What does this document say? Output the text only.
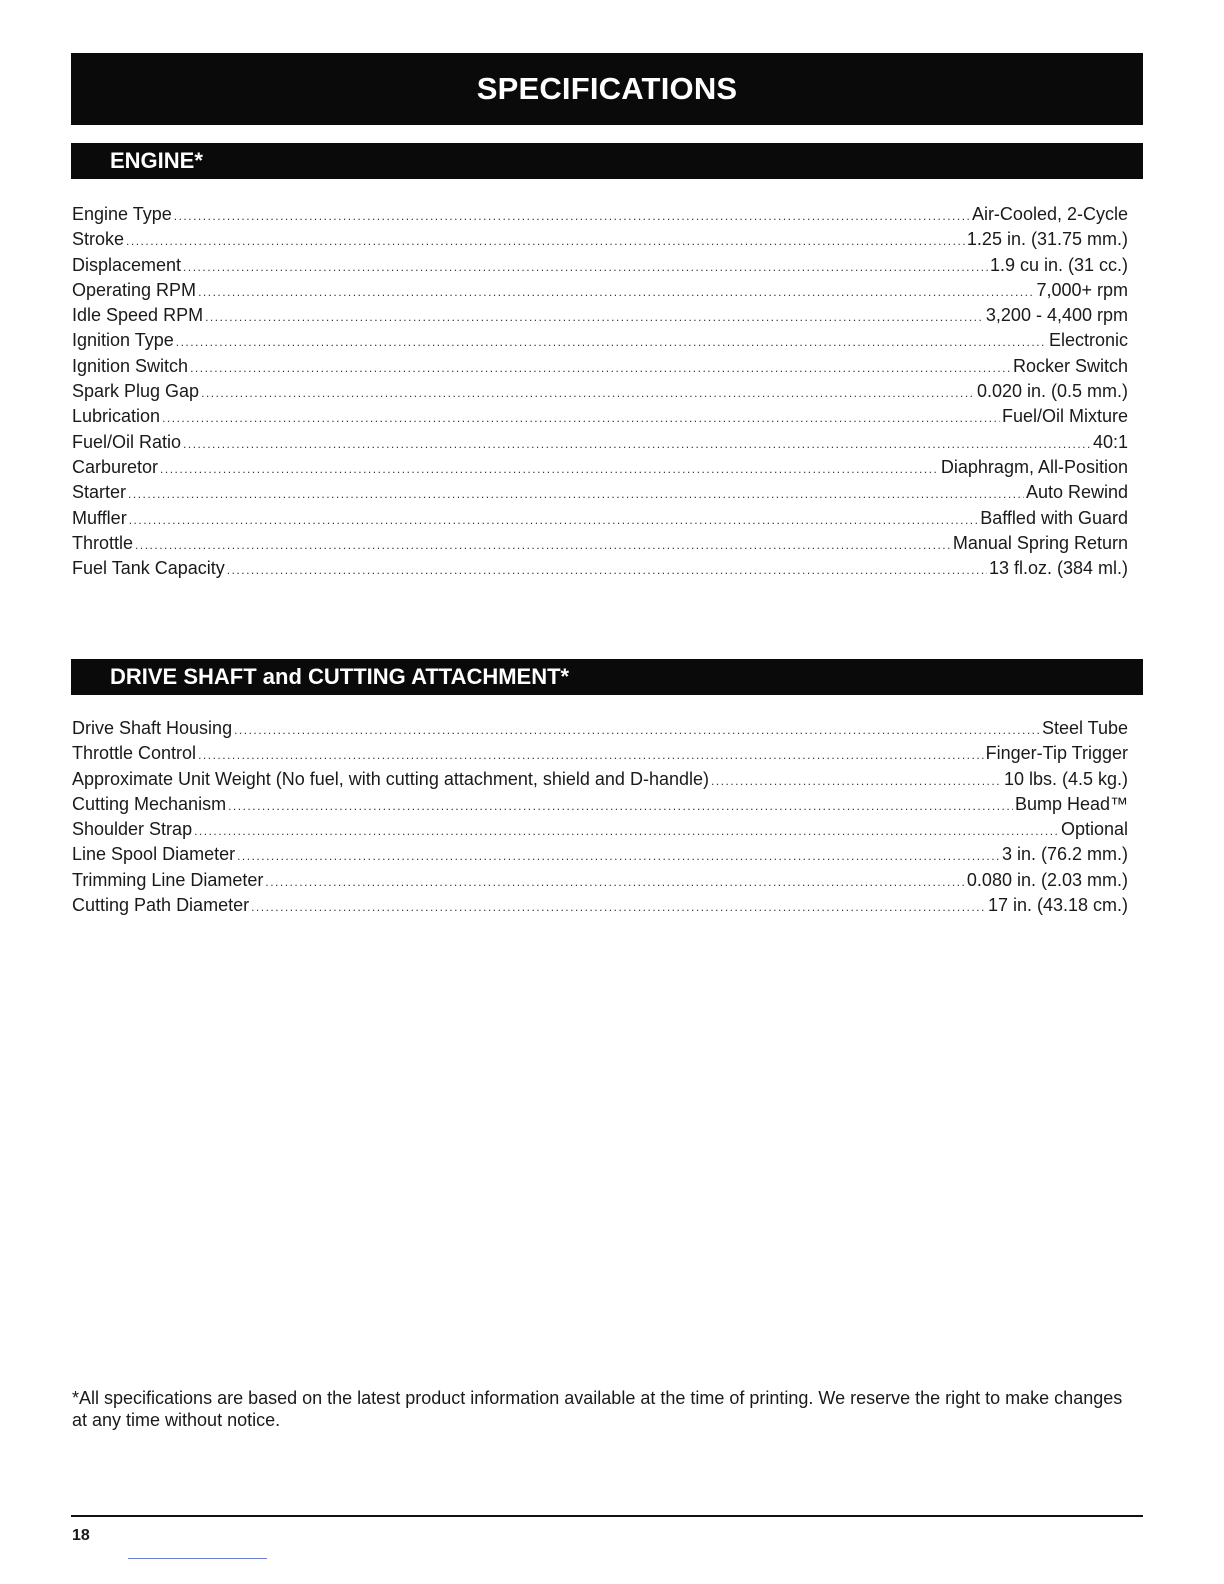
SPECIFICATIONS
ENGINE*
Engine Type .....	Air-Cooled, 2-Cycle
Stroke .....	1.25 in. (31.75 mm.)
Displacement .....	1.9 cu in. (31 cc.)
Operating RPM .....	7,000+ rpm
Idle Speed RPM .....	3,200 - 4,400 rpm
Ignition Type .....	Electronic
Ignition Switch .....	Rocker Switch
Spark Plug Gap .....	0.020 in. (0.5 mm.)
Lubrication .....	Fuel/Oil Mixture
Fuel/Oil Ratio .....	40:1
Carburetor .....	Diaphragm, All-Position
Starter .....	Auto Rewind
Muffler .....	Baffled with Guard
Throttle .....	Manual Spring Return
Fuel Tank Capacity .....	13 fl.oz. (384 ml.)
DRIVE SHAFT and CUTTING ATTACHMENT*
Drive Shaft Housing .....	Steel Tube
Throttle Control .....	Finger-Tip Trigger
Approximate Unit Weight (No fuel, with cutting attachment, shield and D-handle) .....	10 lbs. (4.5 kg.)
Cutting Mechanism .....	Bump Head™
Shoulder Strap .....	Optional
Line Spool Diameter .....	3 in. (76.2 mm.)
Trimming Line Diameter .....	0.080 in. (2.03 mm.)
Cutting Path Diameter .....	17 in. (43.18 cm.)

*All specifications are based on the latest product information available at the time of printing. We reserve the right to make changes at any time without notice.

18
